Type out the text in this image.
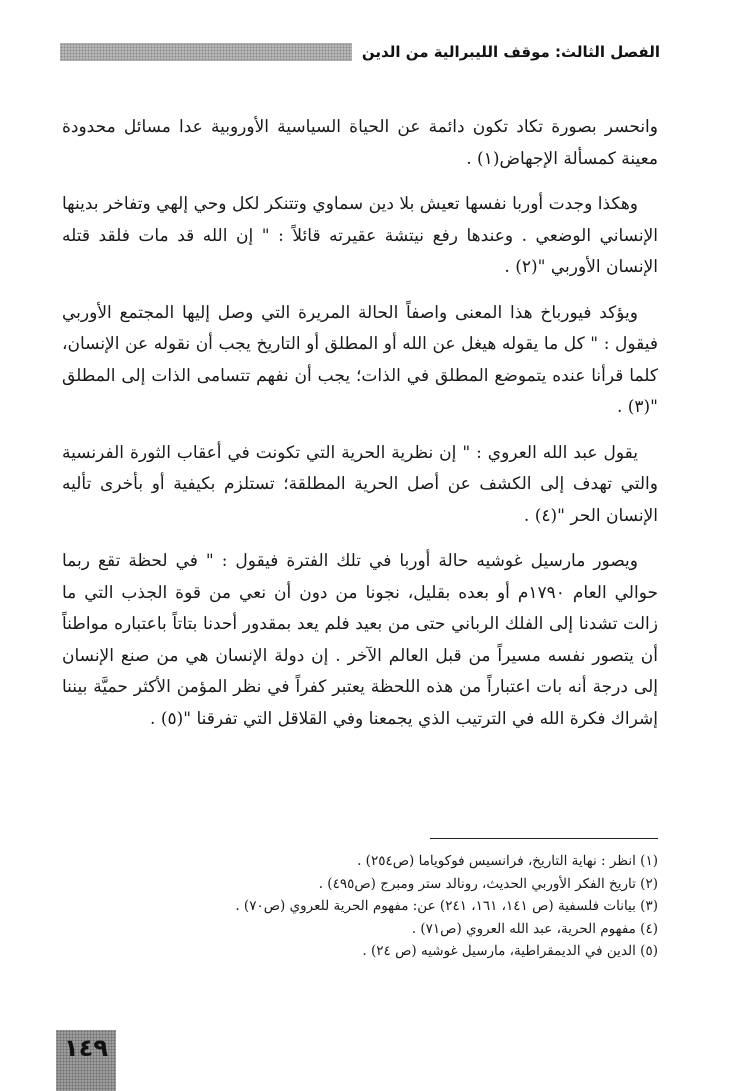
الفصل الثالث: موقف الليبرالية من الدين

وانحسر بصورة تكاد تكون دائمة عن الحياة السياسية الأوروبية عدا مسائل محدودة معينة كمسألة الإجهاض‏(١)‏ .

وهكذا وجدت أوربا نفسها تعيش بلا دين سماوي وتتنكر لكل وحي إلهي وتفاخر بدينها الإنساني الوضعي . وعندها رفع نيتشة عقيرته قائلاً : " إن الله قد مات فلقد قتله الإنسان الأوربي "‏(٢)‏ .

ويؤكد فيورباخ هذا المعنى واصفاً الحالة المريرة التي وصل إليها المجتمع الأوربي فيقول : " كل ما يقوله هيغل عن الله أو المطلق أو التاريخ يجب أن نقوله عن الإنسان، كلما قرأنا عنده يتموضع المطلق في الذات؛ يجب أن نفهم تتسامى الذات إلى المطلق "‏(٣)‏ .

يقول عبد الله العروي : " إن نظرية الحرية التي تكونت في أعقاب الثورة الفرنسية والتي تهدف إلى الكشف عن أصل الحرية المطلقة؛ تستلزم بكيفية أو بأخرى تأليه الإنسان الحر "‏(٤)‏ .

ويصور مارسيل غوشيه حالة أوربا في تلك الفترة فيقول : " في لحظة تقع ربما حوالي العام ١٧٩٠م أو بعده بقليل، نجونا من دون أن نعي من قوة الجذب التي ما زالت تشدنا إلى الفلك الرباني حتى من بعيد فلم يعد بمقدور أحدنا بتاتاً باعتباره مواطناً أن يتصور نفسه مسيراً من قبل العالم الآخر . إن دولة الإنسان هي من صنع الإنسان إلى درجة أنه بات اعتباراً من هذه اللحظة يعتبر كفراً في نظر المؤمن الأكثر حميَّة بيننا إشراك فكرة الله في الترتيب الذي يجمعنا وفي القلاقل التي تفرقنا "‏(٥)‏ .

(١) انظر : نهاية التاريخ، فرانسيس فوكوياما (ص٢٥٤) .

(٢) تاريخ الفكر الأوربي الحديث، رونالد ستر ومبرج (ص٤٩٥) .

(٣) بيانات فلسفية (ص ١٤١، ١٦١، ٢٤١) عن: مفهوم الحرية للعروي (ص٧٠) .

(٤) مفهوم الحرية، عبد الله العروي (ص٧١) .

(٥) الدين في الديمقراطية، مارسيل غوشيه (ص ٢٤) .

١٤٩
